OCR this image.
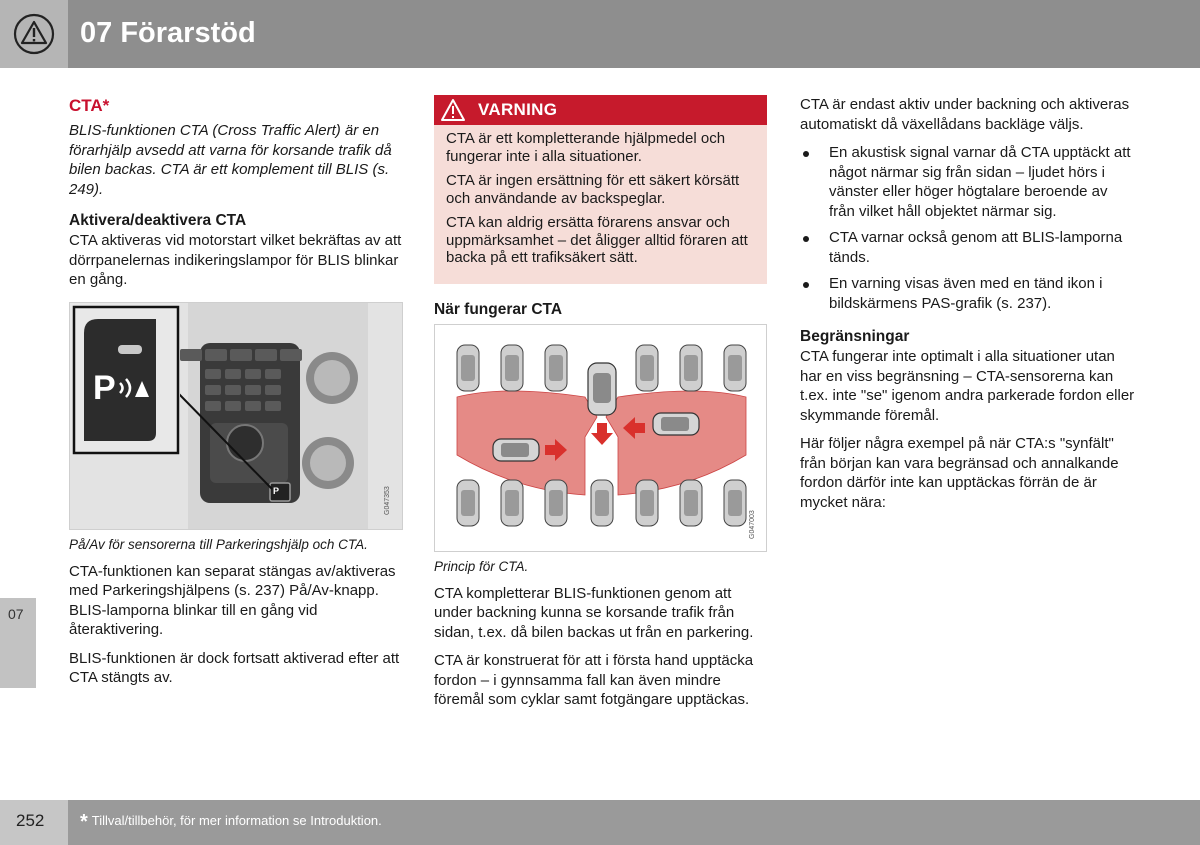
07 Förarstöd
07
CTA*
BLIS-funktionen CTA (Cross Traffic Alert) är en förarhjälp avsedd att varna för korsande trafik då bilen backas. CTA är ett komplement till BLIS (s. 249).
Aktivera/deaktivera CTA
CTA aktiveras vid motorstart vilket bekräftas av att dörrpanelernas indikeringslampor för BLIS blinkar en gång.
P
P	G047353
På/Av för sensorerna till Parkeringshjälp och CTA.
CTA-funktionen kan separat stängas av/aktiveras med Parkeringshjälpens (s. 237) På/Av-knapp. BLIS-lamporna blinkar till en gång vid återaktivering.
BLIS-funktionen är dock fortsatt aktiverad efter att CTA stängts av.
VARNING
CTA är ett kompletterande hjälpmedel och fungerar inte i alla situationer.
CTA är ingen ersättning för ett säkert körsätt och användande av backspeglar.
CTA kan aldrig ersätta förarens ansvar och uppmärksamhet – det åligger alltid föraren att backa på ett trafiksäkert sätt.
När fungerar CTA
G047003
Princip för CTA.
CTA kompletterar BLIS-funktionen genom att under backning kunna se korsande trafik från sidan, t.ex. då bilen backas ut från en parkering.
CTA är konstruerat för att i första hand upptäcka fordon – i gynnsamma fall kan även mindre föremål som cyklar samt fotgängare upptäckas.
CTA är endast aktiv under backning och aktiveras automatiskt då växellådans backläge väljs.
En akustisk signal varnar då CTA upptäckt att något närmar sig från sidan – ljudet hörs i vänster eller höger högtalare beroende av från vilket håll objektet närmar sig.
CTA varnar också genom att BLIS-lamporna tänds.
En varning visas även med en tänd ikon i bildskärmens PAS-grafik (s. 237).
Begränsningar
CTA fungerar inte optimalt i alla situationer utan har en viss begränsning – CTA-sensorerna kan t.ex. inte "se" igenom andra parkerade fordon eller skymmande föremål.
Här följer några exempel på när CTA:s "synfält" från början kan vara begränsad och annalkande fordon därför inte kan upptäckas förrän de är mycket nära:
252 * Tillval/tillbehör, för mer information se Introduktion.
